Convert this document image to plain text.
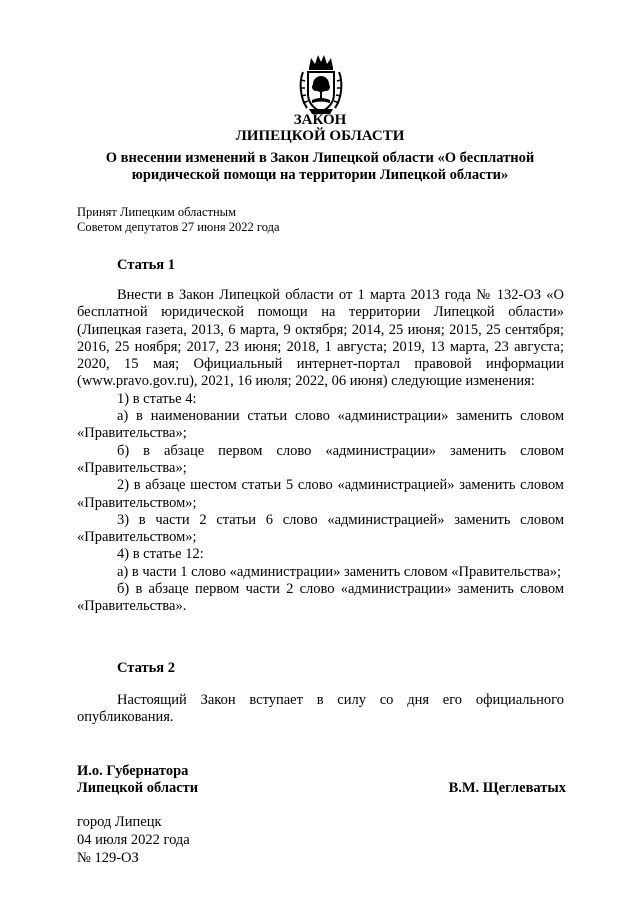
ЗАКОН
ЛИПЕЦКОЙ ОБЛАСТИ
О внесении изменений в Закон Липецкой области «О бесплатной
юридической помощи на территории Липецкой области»
Принят Липецким областным
Советом депутатов 27 июня 2022 года
Статья 1

Внести в Закон Липецкой области от 1 марта 2013 года № 132-ОЗ «О бесплатной юридической помощи на территории Липецкой области» (Липецкая газета, 2013, 6 марта, 9 октября; 2014, 25 июня; 2015, 25 сентября; 2016, 25 ноября; 2017, 23 июня; 2018, 1 августа; 2019, 13 марта, 23 августа; 2020, 15 мая; Официальный интернет-портал правовой информации (www.pravo.gov.ru), 2021, 16 июля; 2022, 06 июня) следующие изменения:

1) в статье 4:

а) в наименовании статьи слово «администрации» заменить словом «Правительства»;

б) в абзаце первом слово «администрации» заменить словом «Правительства»;

2) в абзаце шестом статьи 5 слово «администрацией» заменить словом «Правительством»;

3) в части 2 статьи 6 слово «администрацией» заменить словом «Правительством»;

4) в статье 12:

а) в части 1 слово «администрации» заменить словом «Правительства»;

б) в абзаце первом части 2 слово «администрации» заменить словом «Правительства».

Статья 2

Настоящий Закон вступает в силу со дня его официального опубликования.

И.о. Губернатора
Липецкой области	В.М. Щеглеватых
город Липецк
04 июля 2022 года
№ 129-ОЗ
